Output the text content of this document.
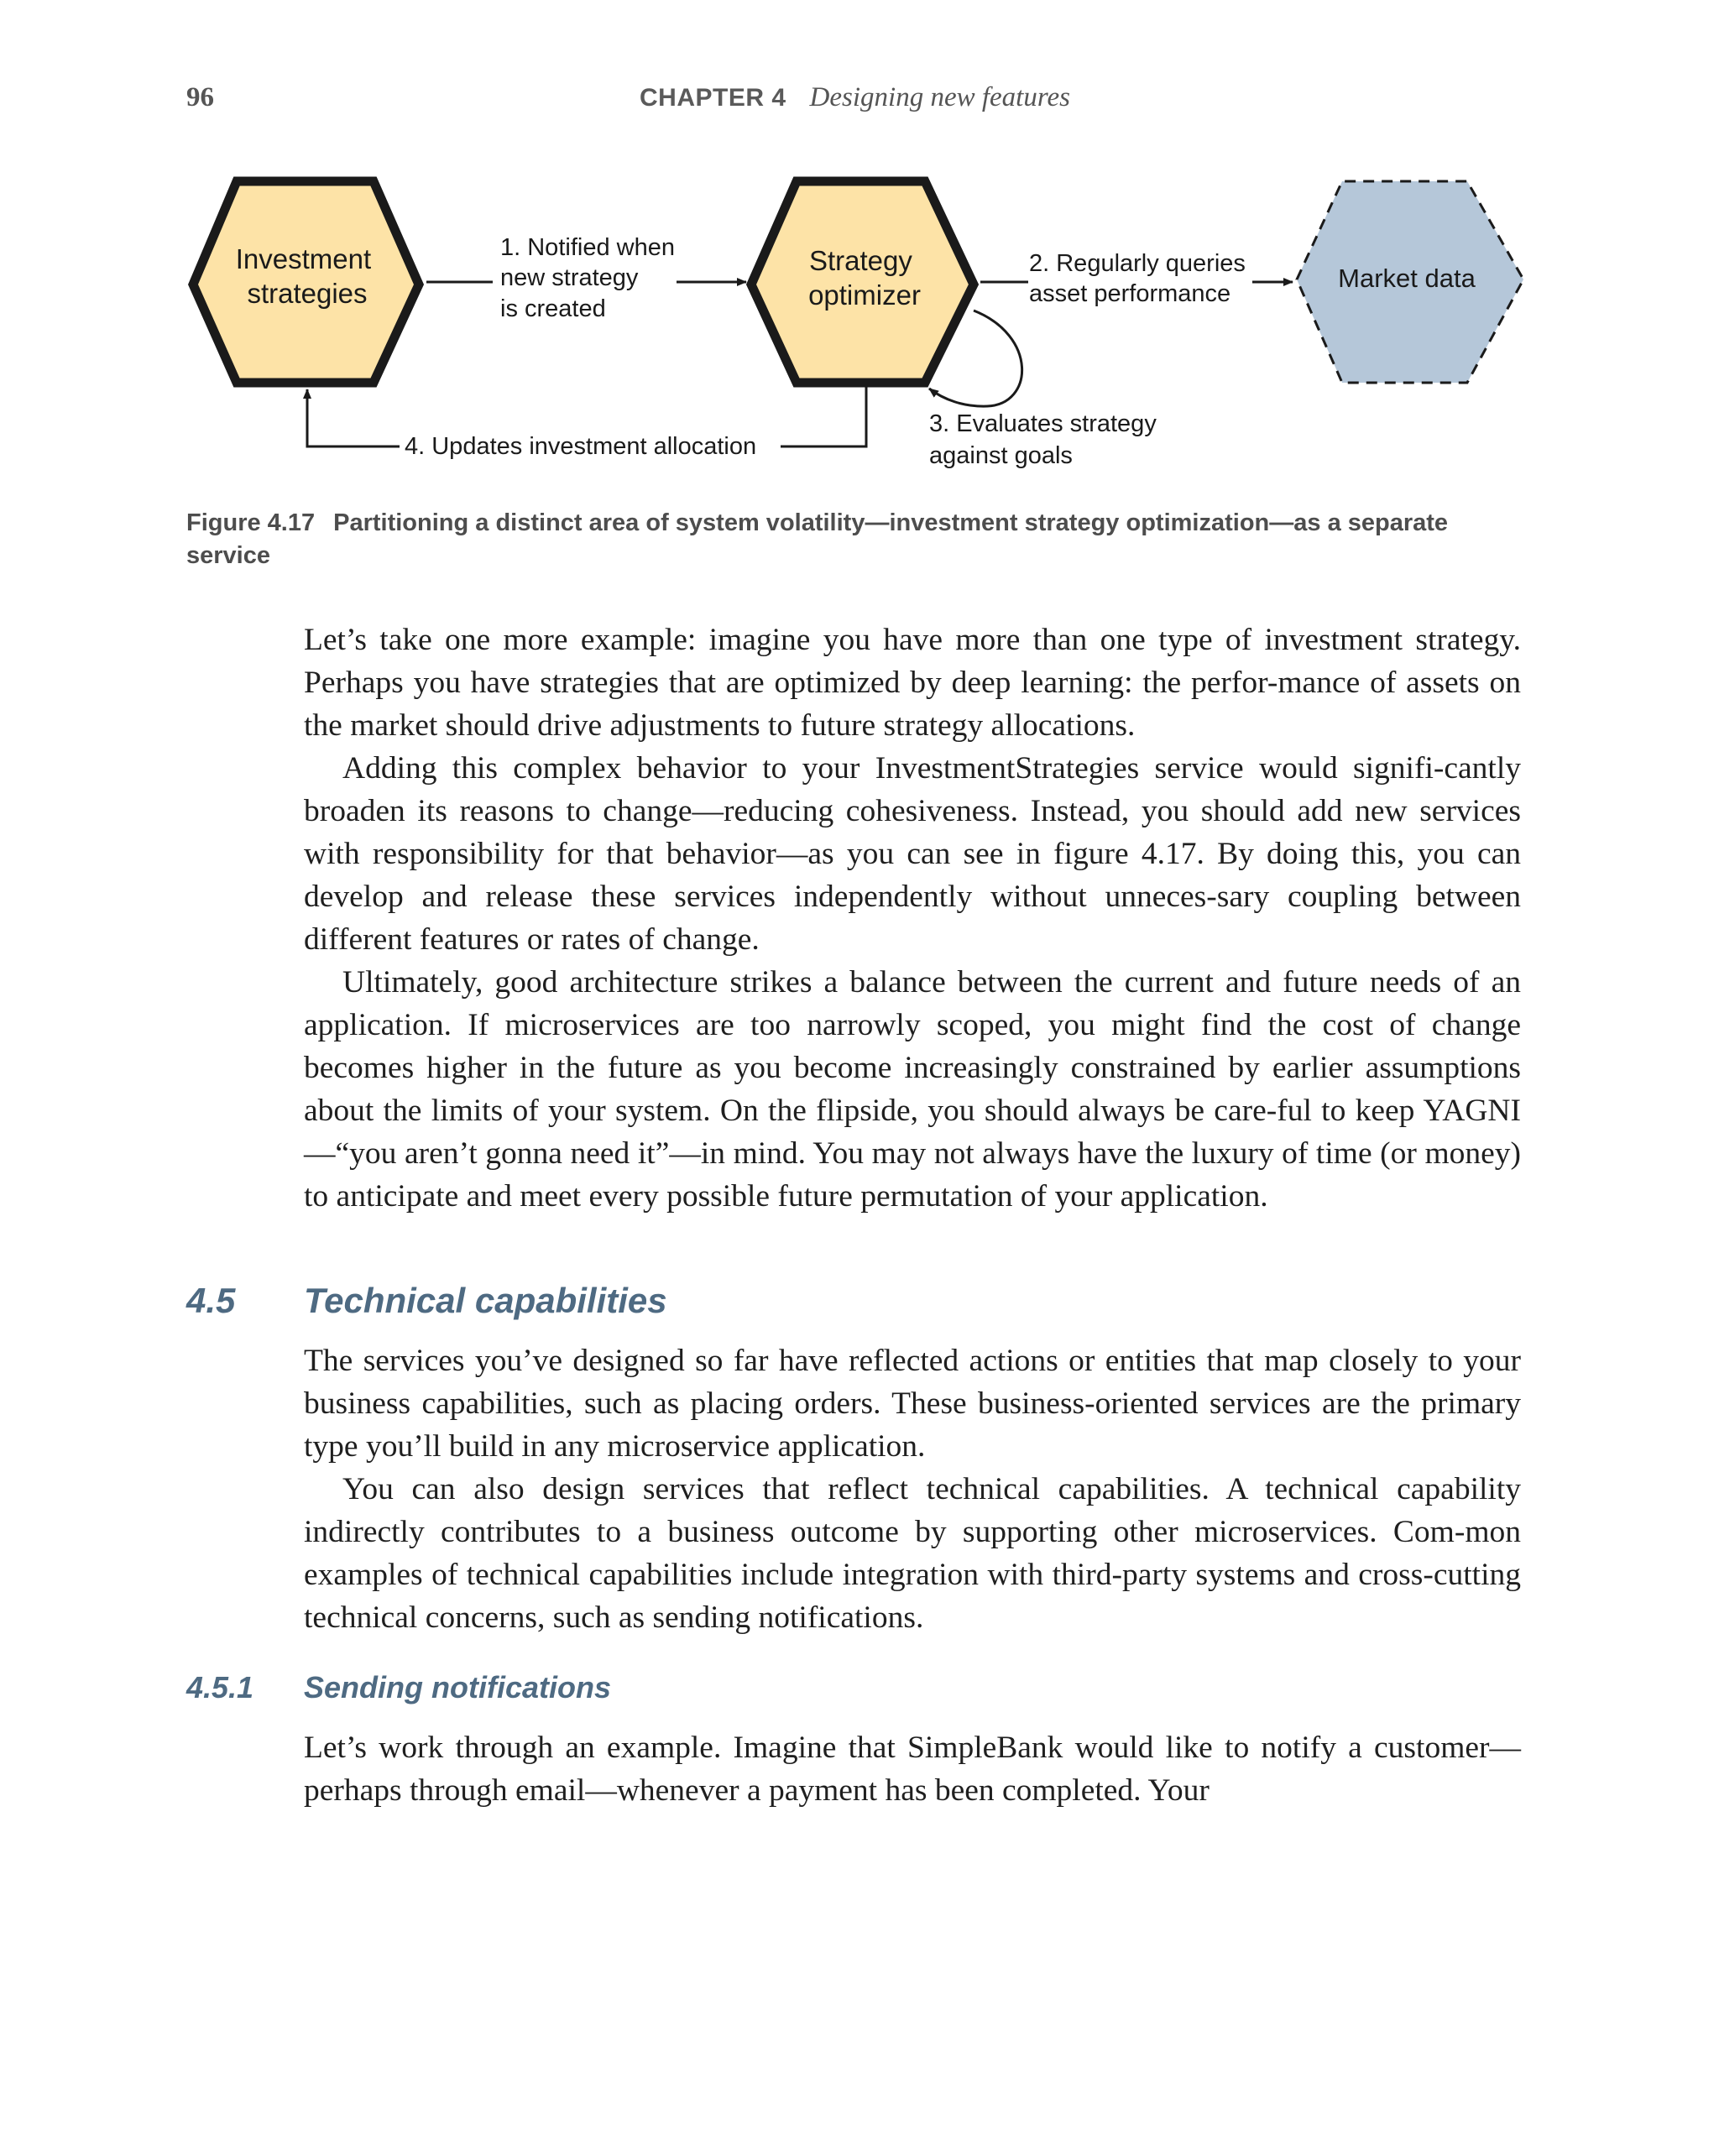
96	CHAPTER 4 Designing new features
Investment strategies
Strategy optimizer
Market data
1. Notified when new strategy is created
2. Regularly queries asset performance
3. Evaluates strategy against goals
4. Updates investment allocation
Figure 4.17 Partitioning a distinct area of system volatility—investment strategy optimization—as a separate service

Let’s take one more example: imagine you have more than one type of investment strategy. Perhaps you have strategies that are optimized by deep learning: the perfor-mance of assets on the market should drive adjustments to future strategy allocations.

Adding this complex behavior to your InvestmentStrategies service would signifi-cantly broaden its reasons to change—reducing cohesiveness. Instead, you should add new services with responsibility for that behavior—as you can see in figure 4.17. By doing this, you can develop and release these services independently without unneces-sary coupling between different features or rates of change.

Ultimately, good architecture strikes a balance between the current and future needs of an application. If microservices are too narrowly scoped, you might find the cost of change becomes higher in the future as you become increasingly constrained by earlier assumptions about the limits of your system. On the flipside, you should always be care-ful to keep YAGNI—“you aren’t gonna need it”—in mind. You may not always have the luxury of time (or money) to anticipate and meet every possible future permutation of your application.

4.5 Technical capabilities

The services you’ve designed so far have reflected actions or entities that map closely to your business capabilities, such as placing orders. These business-oriented services are the primary type you’ll build in any microservice application.

You can also design services that reflect technical capabilities. A technical capability indirectly contributes to a business outcome by supporting other microservices. Com-mon examples of technical capabilities include integration with third-party systems and cross-cutting technical concerns, such as sending notifications.

4.5.1 Sending notifications

Let’s work through an example. Imagine that SimpleBank would like to notify a customer—perhaps through email—whenever a payment has been completed. Your
